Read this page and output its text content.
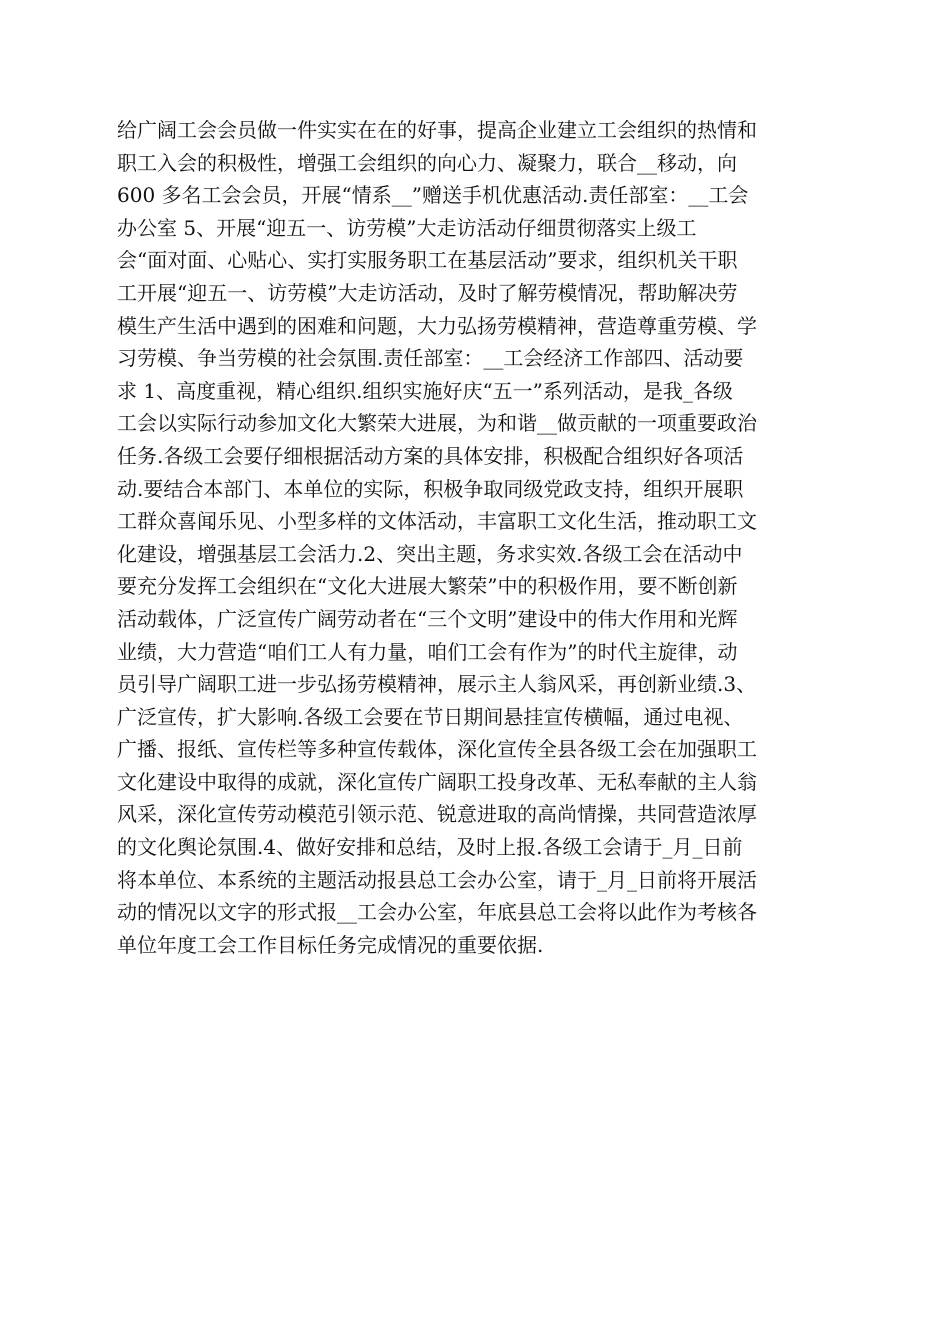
给广阔工会会员做一件实实在在的好事，提高企业建立工会组织的热情和
职工入会的积极性，增强工会组织的向心力、凝聚力，联合__移动，向
600 多名工会会员，开展“情系__”赠送手机优惠活动.责任部室：__工会
办公室 5、开展“迎五一、访劳模”大走访活动仔细贯彻落实上级工
会“面对面、心贴心、实打实服务职工在基层活动”要求，组织机关干职
工开展“迎五一、访劳模”大走访活动，及时了解劳模情况，帮助解决劳
模生产生活中遇到的困难和问题，大力弘扬劳模精神，营造尊重劳模、学
习劳模、争当劳模的社会氛围.责任部室：__工会经济工作部四、活动要
求 1、高度重视，精心组织.组织实施好庆“五一”系列活动，是我_各级
工会以实际行动参加文化大繁荣大进展，为和谐__做贡献的一项重要政治
任务.各级工会要仔细根据活动方案的具体安排，积极配合组织好各项活
动.要结合本部门、本单位的实际，积极争取同级党政支持，组织开展职
工群众喜闻乐见、小型多样的文体活动，丰富职工文化生活，推动职工文
化建设，增强基层工会活力.2、突出主题，务求实效.各级工会在活动中
要充分发挥工会组织在“文化大进展大繁荣”中的积极作用，要不断创新
活动载体，广泛宣传广阔劳动者在“三个文明”建设中的伟大作用和光辉
业绩，大力营造“咱们工人有力量，咱们工会有作为”的时代主旋律，动
员引导广阔职工进一步弘扬劳模精神，展示主人翁风采，再创新业绩.3、
广泛宣传，扩大影响.各级工会要在节日期间悬挂宣传横幅，通过电视、
广播、报纸、宣传栏等多种宣传载体，深化宣传全县各级工会在加强职工
文化建设中取得的成就，深化宣传广阔职工投身改革、无私奉献的主人翁
风采，深化宣传劳动模范引领示范、锐意进取的高尚情操，共同营造浓厚
的文化舆论氛围.4、做好安排和总结，及时上报.各级工会请于_月_日前
将本单位、本系统的主题活动报县总工会办公室，请于_月_日前将开展活
动的情况以文字的形式报__工会办公室，年底县总工会将以此作为考核各
单位年度工会工作目标任务完成情况的重要依据.
